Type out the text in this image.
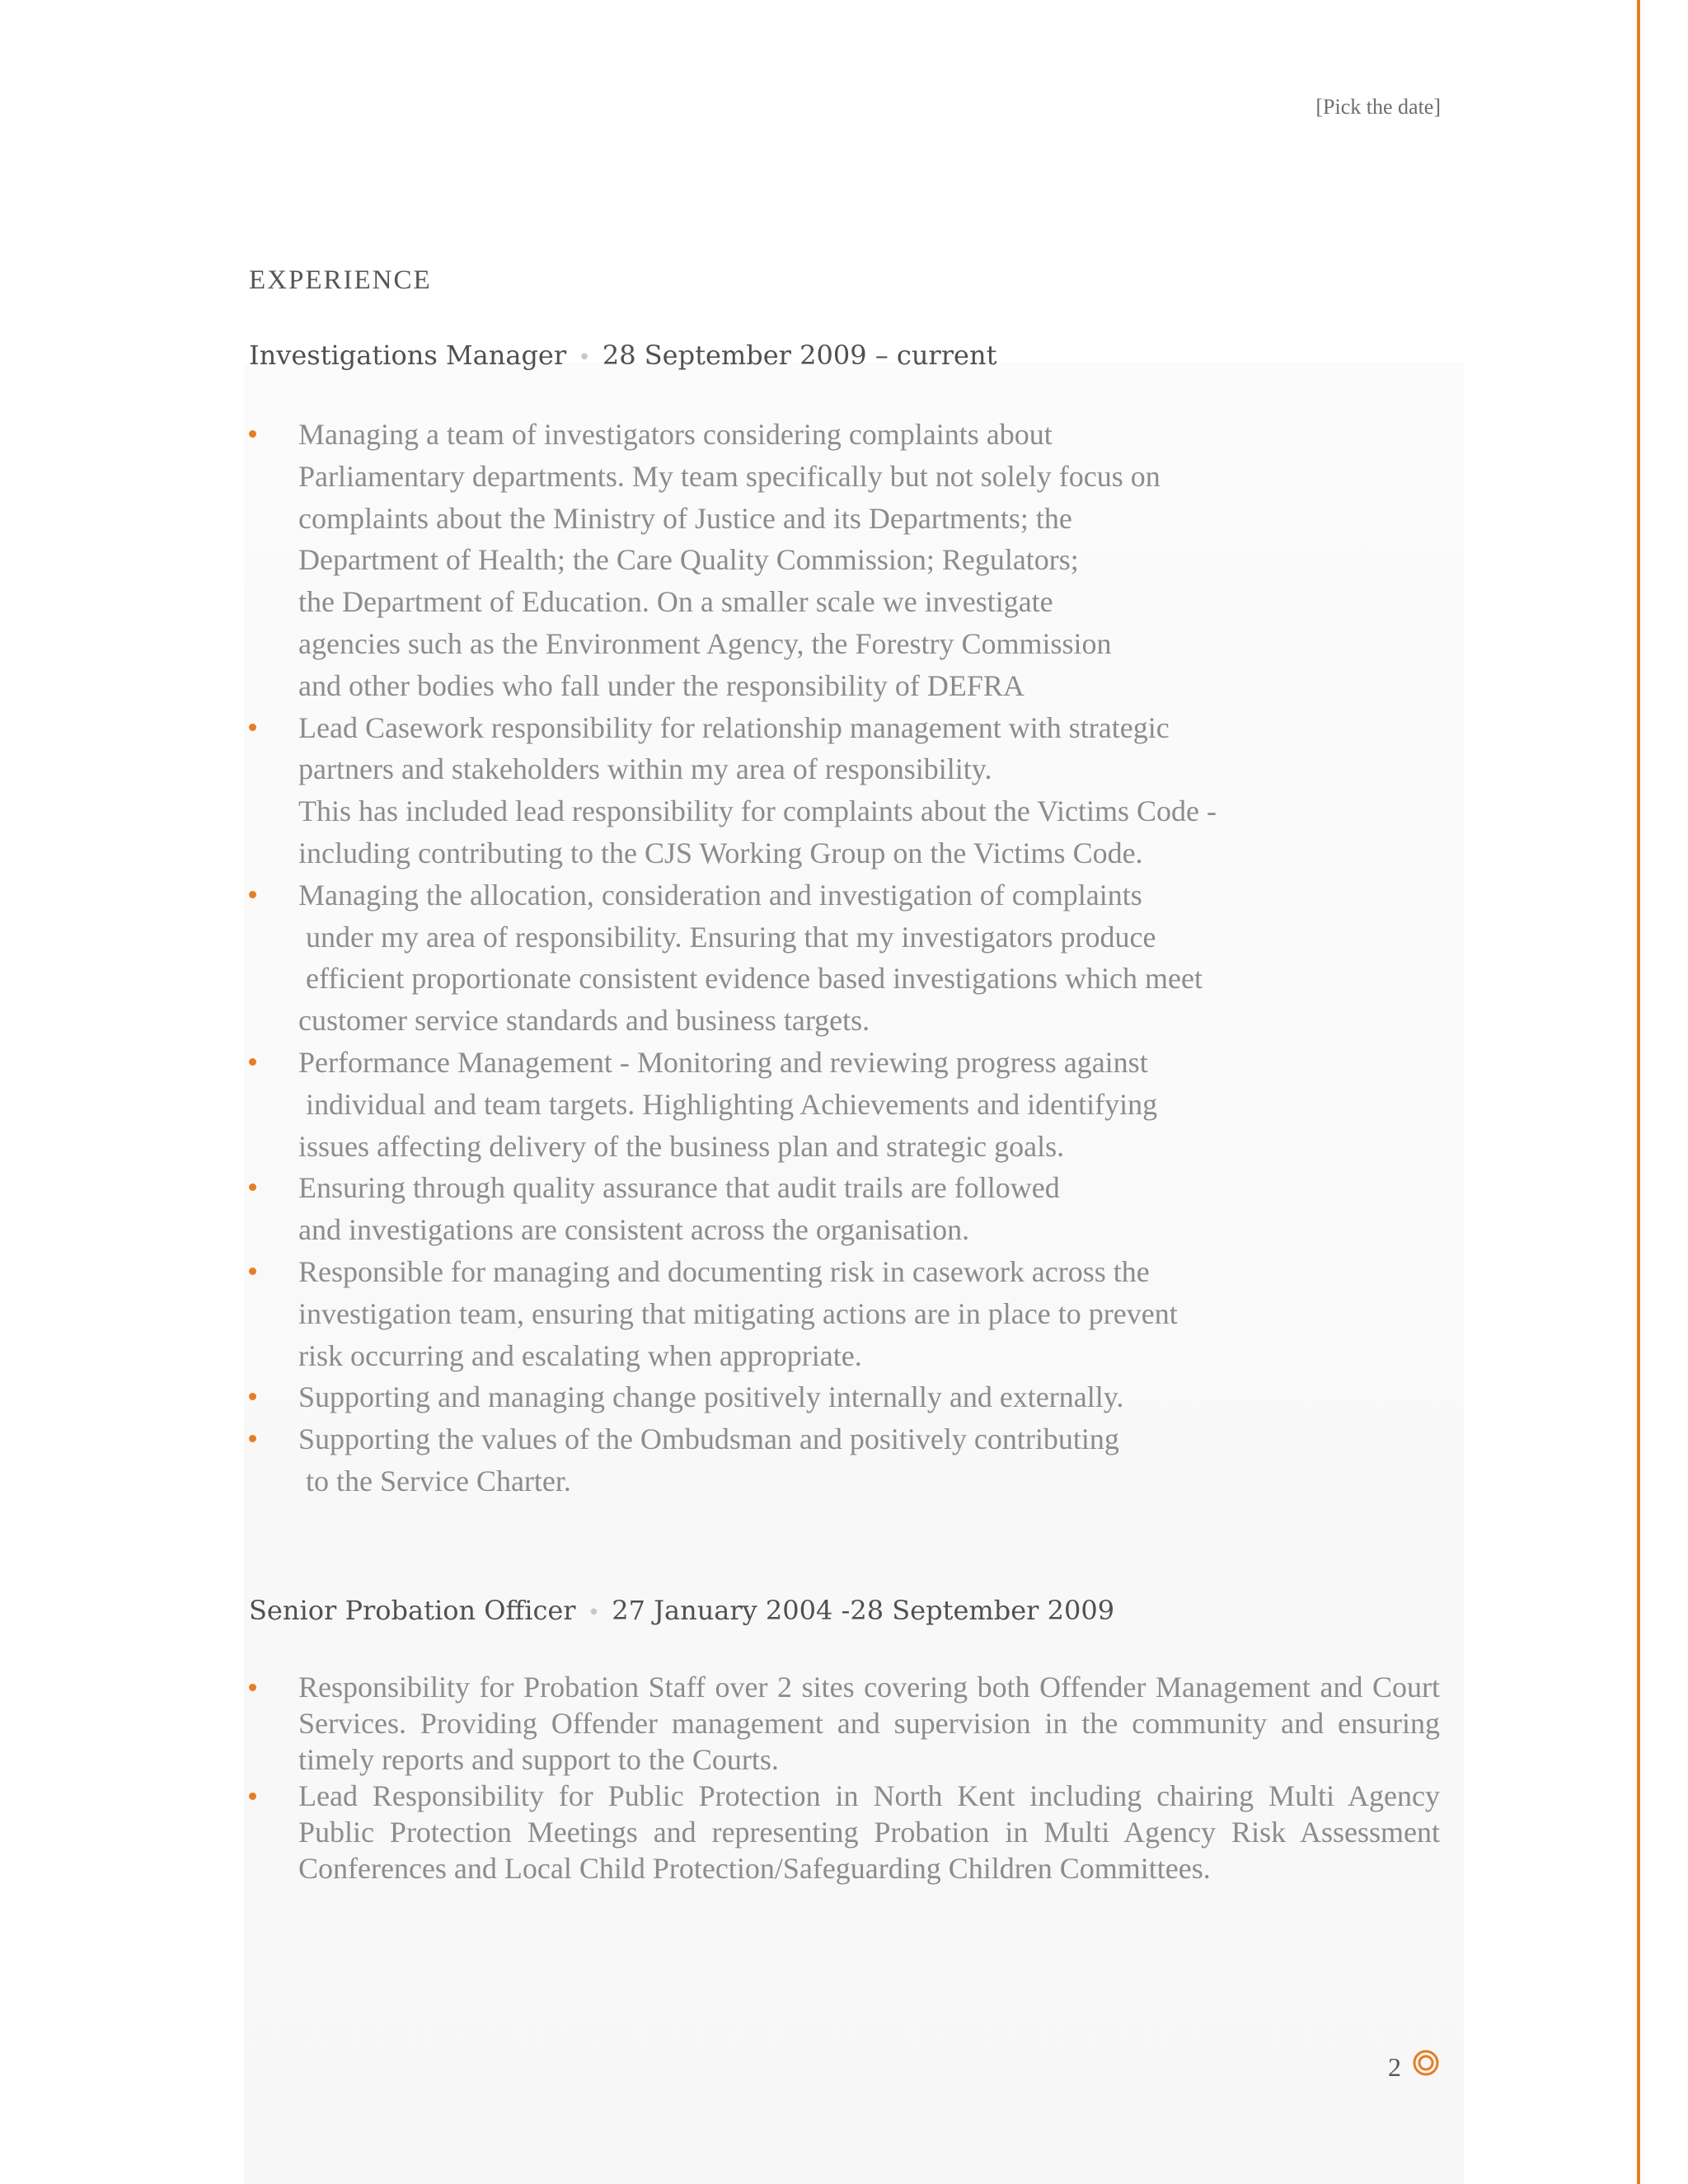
[Pick the date]
EXPERIENCE
Investigations Manager • 28 September 2009 – current
Managing a team of investigators considering complaints about
Parliamentary departments. My team specifically but not solely focus on
complaints about the Ministry of Justice and its Departments; the
Department of Health; the Care Quality Commission; Regulators;
the Department of Education. On a smaller scale we investigate
agencies such as the Environment Agency, the Forestry Commission
and other bodies who fall under the responsibility of DEFRA
Lead Casework responsibility for relationship management with strategic
partners and stakeholders within my area of responsibility.
This has included lead responsibility for complaints about the Victims Code -
including contributing to the CJS Working Group on the Victims Code.
Managing the allocation, consideration and investigation of complaints
under my area of responsibility. Ensuring that my investigators produce
efficient proportionate consistent evidence based investigations which meet
customer service standards and business targets.
Performance Management - Monitoring and reviewing progress against
individual and team targets. Highlighting Achievements and identifying
issues affecting delivery of the business plan and strategic goals.
Ensuring through quality assurance that audit trails are followed
and investigations are consistent across the organisation.
Responsible for managing and documenting risk in casework across the
investigation team, ensuring that mitigating actions are in place to prevent
risk occurring and escalating when appropriate.
Supporting and managing change positively internally and externally.
Supporting the values of the Ombudsman and positively contributing
to the Service Charter.
Senior Probation Officer • 27 January 2004 -28 September 2009
Responsibility for Probation Staff over 2 sites covering both Offender Management and Court Services. Providing Offender management and supervision in the community and ensuring timely reports and support to the Courts.
Lead Responsibility for Public Protection in North Kent including chairing Multi Agency Public Protection Meetings and representing Probation in Multi Agency Risk Assessment Conferences and Local Child Protection/Safeguarding Children Committees.
2
